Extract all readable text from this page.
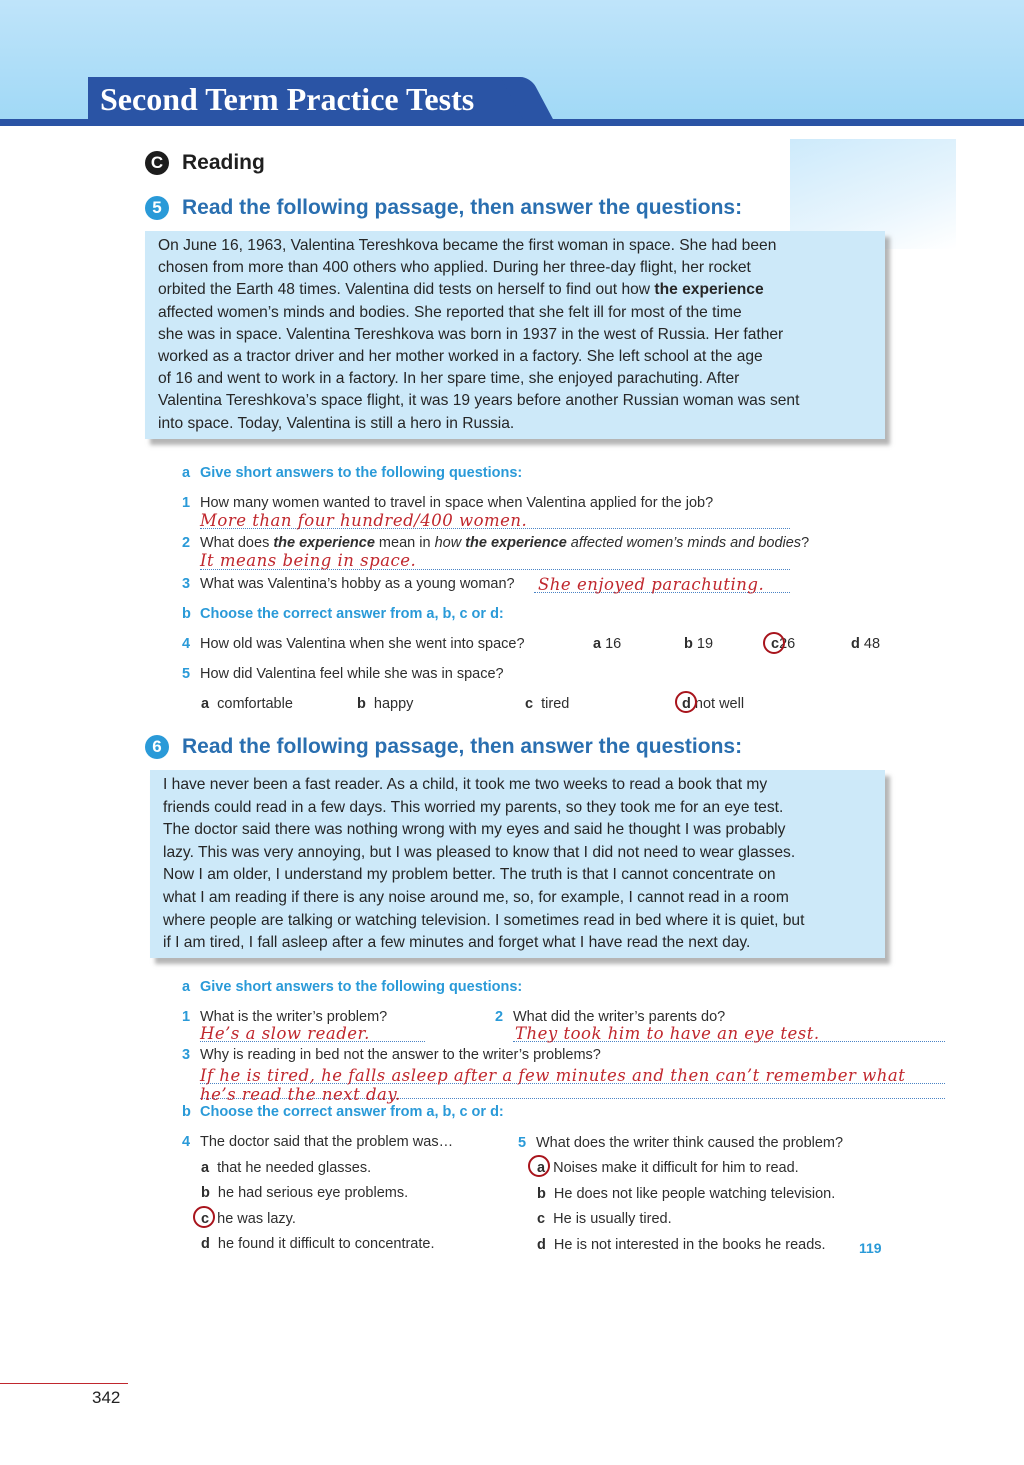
Second Term Practice Tests
C Reading
5 Read the following passage, then answer the questions:
On June 16, 1963, Valentina Tereshkova became the first woman in space. She had been
chosen from more than 400 others who applied. During her three-day flight, her rocket
orbited the Earth 48 times. Valentina did tests on herself to find out how the experience
affected women’s minds and bodies. She reported that she felt ill for most of the time
she was in space. Valentina Tereshkova was born in 1937 in the west of Russia. Her father
worked as a tractor driver and her mother worked in a factory. She left school at the age
of 16 and went to work in a factory. In her spare time, she enjoyed parachuting. After
Valentina Tereshkova’s space flight, it was 19 years before another Russian woman was sent
into space. Today, Valentina is still a hero in Russia.
a Give short answers to the following questions:
1 How many women wanted to travel in space when Valentina applied for the job?
More than four hundred/400 women.
2 What does the experience mean in how the experience affected women’s minds and bodies?
It means being in space.
3 What was Valentina’s hobby as a young woman? She enjoyed parachuting.
b Choose the correct answer from a, b, c or d:
4 How old was Valentina when she went into space?	a 16	b 19	c26	d 48
5 How did Valentina feel while she was in space?
a comfortable	b happy	c tired	d not well
6 Read the following passage, then answer the questions:
I have never been a fast reader. As a child, it took me two weeks to read a book that my
friends could read in a few days. This worried my parents, so they took me for an eye test.
The doctor said there was nothing wrong with my eyes and said he thought I was probably
lazy. This was very annoying, but I was pleased to know that I did not need to wear glasses.
Now I am older, I understand my problem better. The truth is that I cannot concentrate on
what I am reading if there is any noise around me, so, for example, I cannot read in a room
where people are talking or watching television. I sometimes read in bed where it is quiet, but
if I am tired, I fall asleep after a few minutes and forget what I have read the next day.
a Give short answers to the following questions:
1 What is the writer’s problem?
He’s a slow reader.
2 What did the writer’s parents do?
They took him to have an eye test.
3 Why is reading in bed not the answer to the writer’s problems?
If he is tired, he falls asleep after a few minutes and then can’t remember what
he’s read the next day.
b Choose the correct answer from a, b, c or d:
4 The doctor said that the problem was…
a that he needed glasses.
b he had serious eye problems.
c he was lazy.
d he found it difficult to concentrate.
5 What does the writer think caused the problem?
a Noises make it difficult for him to read.
b He does not like people watching television.
c He is usually tired.
d He is not interested in the books he reads. 119
342
